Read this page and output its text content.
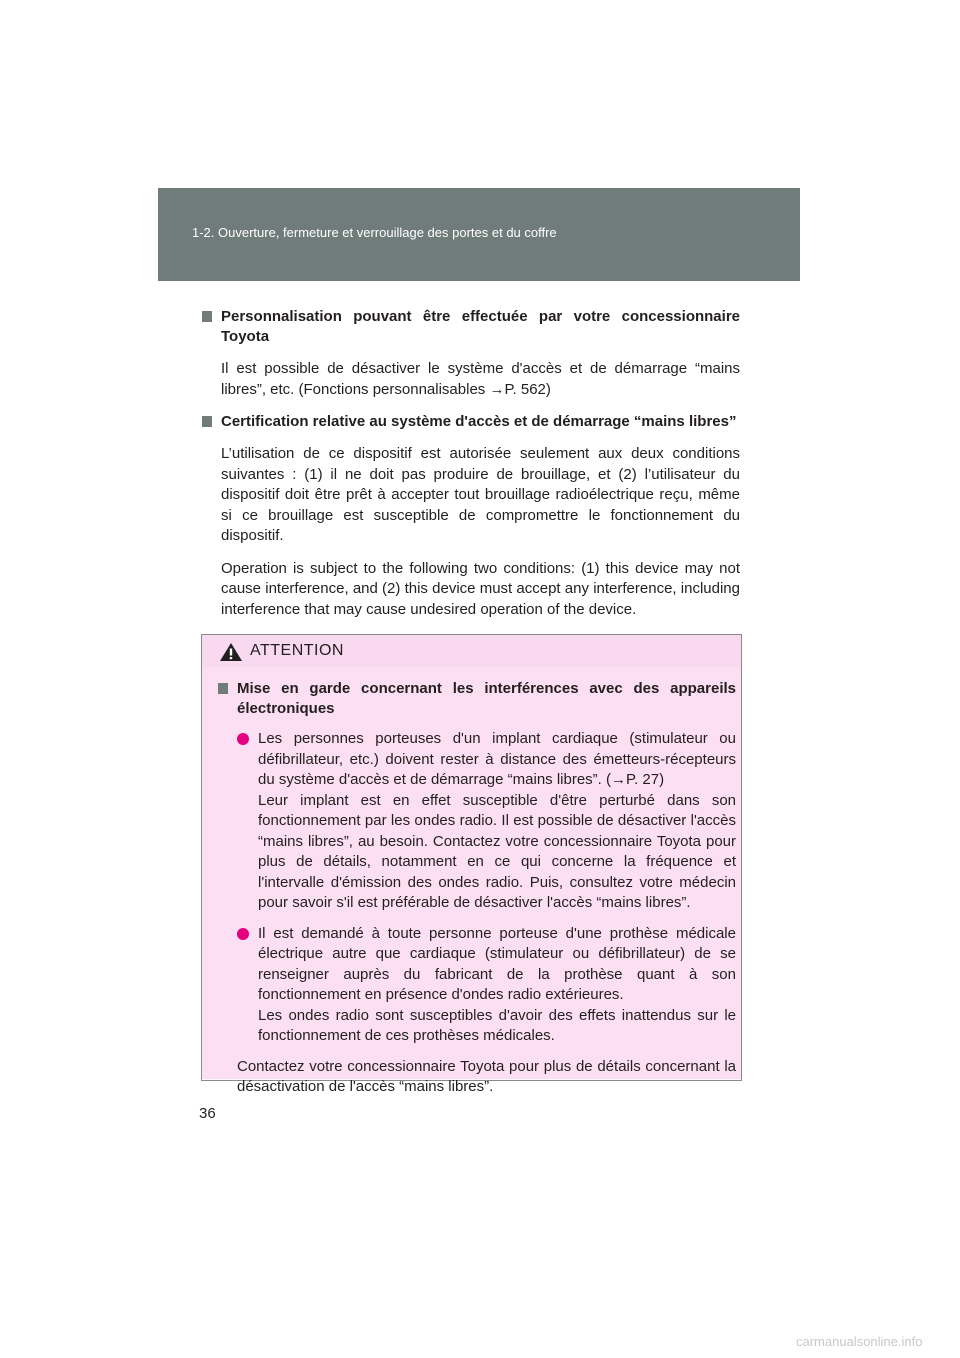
1-2. Ouverture, fermeture et verrouillage des portes et du coffre
Personnalisation pouvant être effectuée par votre concessionnaire Toyota
Il est possible de désactiver le système d'accès et de démarrage “mains libres”, etc. (Fonctions personnalisables →P. 562)
Certification relative au système d'accès et de démarrage “mains libres”
L’utilisation de ce dispositif est autorisée seulement aux deux conditions suivantes : (1) il ne doit pas produire de brouillage, et (2) l’utilisateur du dispositif doit être prêt à accepter tout brouillage radioélectrique reçu, même si ce brouillage est susceptible de compromettre le fonctionnement du dispositif.
Operation is subject to the following two conditions: (1) this device may not cause interference, and (2) this device must accept any interference, including interference that may cause undesired operation of the device.
ATTENTION
Mise en garde concernant les interférences avec des appareils électroniques
Les personnes porteuses d'un implant cardiaque (stimulateur ou défibrillateur, etc.) doivent rester à distance des émetteurs-récepteurs du système d'accès et de démarrage “mains libres”. (→P. 27)
Leur implant est en effet susceptible d'être perturbé dans son fonctionnement par les ondes radio. Il est possible de désactiver l'accès “mains libres”, au besoin. Contactez votre concessionnaire Toyota pour plus de détails, notamment en ce qui concerne la fréquence et l'intervalle d'émission des ondes radio. Puis, consultez votre médecin pour savoir s'il est préférable de désactiver l'accès “mains libres”.
Il est demandé à toute personne porteuse d'une prothèse médicale électrique autre que cardiaque (stimulateur ou défibrillateur) de se renseigner auprès du fabricant de la prothèse quant à son fonctionnement en présence d'ondes radio extérieures.
Les ondes radio sont susceptibles d'avoir des effets inattendus sur le fonctionnement de ces prothèses médicales.
Contactez votre concessionnaire Toyota pour plus de détails concernant la désactivation de l'accès “mains libres”.
36
carmanualsonline.info
